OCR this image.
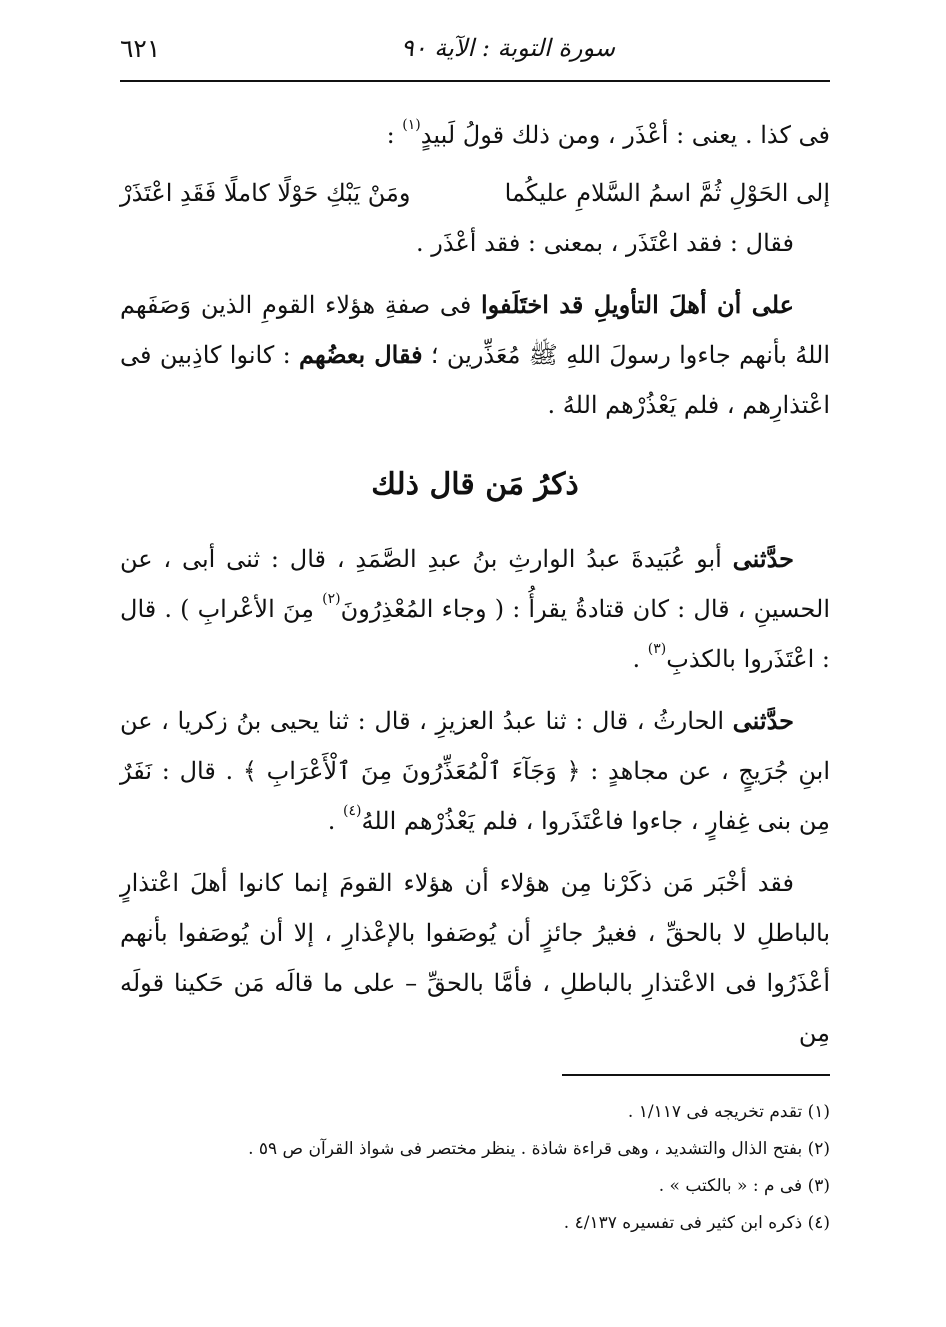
٦٢١	سورة التوبة : الآية ٩٠

فى كذا . يعنى : أعْذَر ، ومن ذلك قولُ لَبيدٍ$^{(١)}$ :

إلى الحَوْلِ ثُمَّ اسمُ السَّلامِ عليكُما
ومَنْ يَبْكِ حَوْلًا كاملًا فَقَدِ اعْتَذَرْ

فقال : فقد اعْتَذَر ، بمعنى : فقد أعْذَر .

على أن أهلَ التأويلِ قد اختَلَفوا فى صفةِ هؤلاء القومِ الذين وَصَفَهم اللهُ بأنهم جاءوا رسولَ اللهِ ﷺ مُعَذِّرين ؛ فقال بعضُهم : كانوا كاذِبين فى اعْتذارِهم ، فلم يَعْذُرْهم اللهُ .

ذكرُ مَن قال ذلك

حدَّثنى أبو عُبَيدةَ عبدُ الوارثِ بنُ عبدِ الصَّمَدِ ، قال : ثنى أبى ، عن الحسينِ ، قال : كان قتادةُ يقرأُ : ( وجاء المُعْذِرُونَ$^{(٢)}$ مِنَ الأعْرابِ ) . قال : اعْتَذَروا بالكذبِ$^{(٣)}$ .

حدَّثنى الحارثُ ، قال : ثنا عبدُ العزيزِ ، قال : ثنا يحيى بنُ زكريا ، عن ابنِ جُرَيجٍ ، عن مجاهدٍ : ﴿ وَجَآءَ ٱلْمُعَذِّرُونَ مِنَ ٱلْأَعْرَابِ ﴾ . قال : نَفَرٌ مِن بنى غِفارٍ ، جاءوا فاعْتَذَروا ، فلم يَعْذُرْهم اللهُ$^{(٤)}$ .

فقد أخْبَر مَن ذكَرْنا مِن هؤلاء أن هؤلاء القومَ إنما كانوا أهلَ اعْتذارٍ بالباطلِ لا بالحقِّ ، فغيرُ جائزٍ أن يُوصَفوا بالإعْذارِ ، إلا أن يُوصَفوا بأنهم أعْذَرُوا فى الاعْتذارِ بالباطلِ ، فأمَّا بالحقِّ – على ما قالَه مَن حَكينا قولَه مِن

(١) تقدم تخريجه فى ١/١١٧ .

(٢) بفتح الذال والتشديد ، وهى قراءة شاذة . ينظر مختصر فى شواذ القرآن ص ٥٩ .

(٣) فى م : « بالكتب » .

(٤) ذكره ابن كثير فى تفسيره ٤/١٣٧ .
